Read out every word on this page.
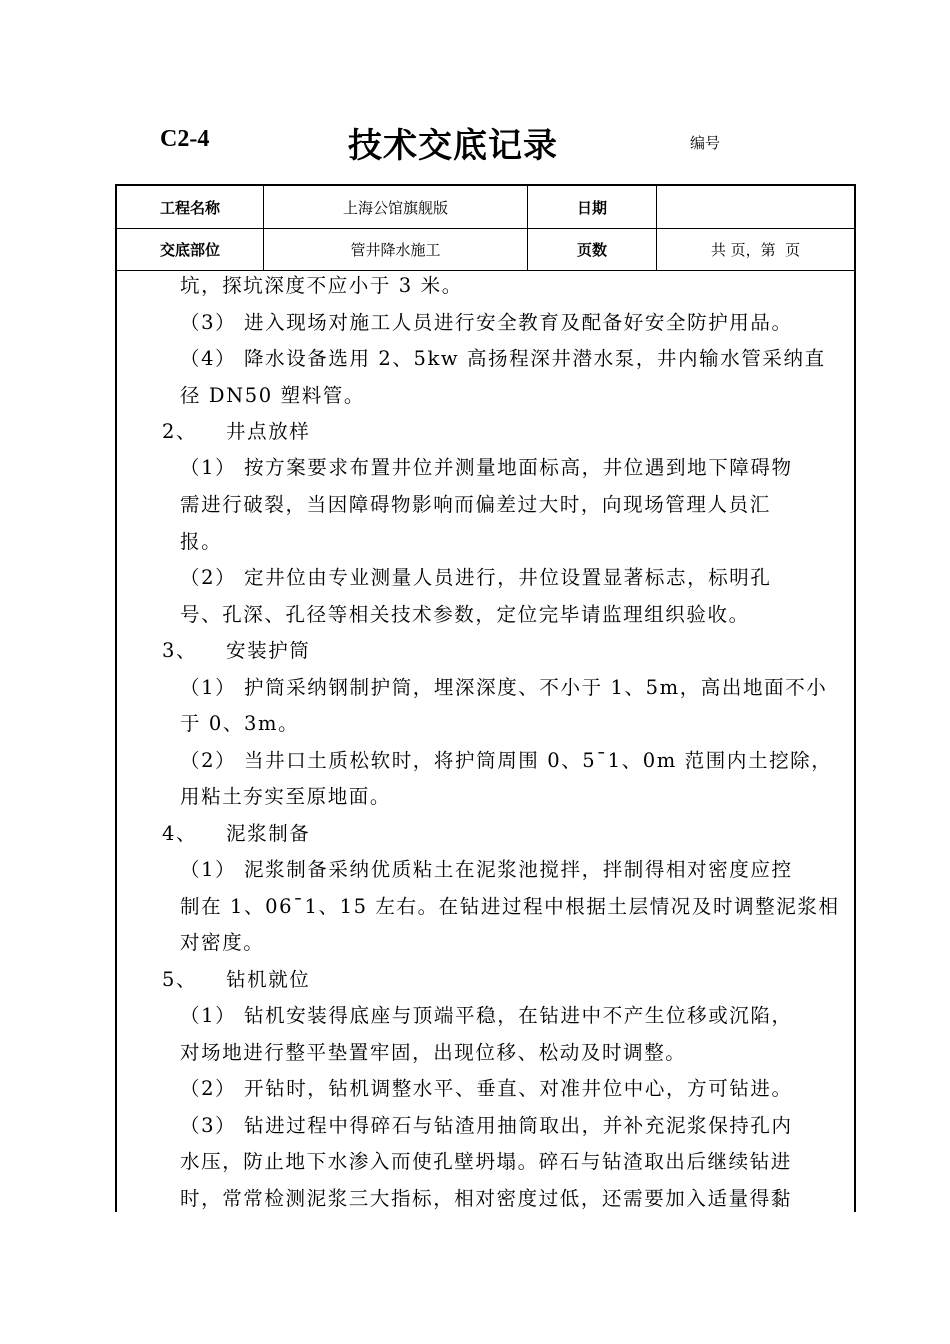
C2-4	技术交底记录	编号
工程名称	上海公馆旗舰版	日期
交底部位	管井降水施工	页数	共 页，第  页
坑，探坑深度不应小于 3 米。
（3） 进入现场对施工人员进行安全教育及配备好安全防护用品。
（4） 降水设备选用 2、5kw 高扬程深井潜水泵，井内输水管采纳直
径 DN50 塑料管。
2、 井点放样
（1） 按方案要求布置井位并测量地面标高，井位遇到地下障碍物
需进行破裂，当因障碍物影响而偏差过大时，向现场管理人员汇
报。
（2） 定井位由专业测量人员进行，井位设置显著标志，标明孔
号、孔深、孔径等相关技术参数，定位完毕请监理组织验收。
3、 安装护筒
（1） 护筒采纳钢制护筒，埋深深度、不小于 1、5m，高出地面不小
于 0、3m。
（2） 当井口土质松软时，将护筒周围 0、5¯1、0m 范围内土挖除，
用粘土夯实至原地面。
4、 泥浆制备
（1） 泥浆制备采纳优质粘土在泥浆池搅拌，拌制得相对密度应控
制在 1、06¯1、15 左右。在钻进过程中根据土层情况及时调整泥浆相
对密度。
5、 钻机就位
（1） 钻机安装得底座与顶端平稳，在钻进中不产生位移或沉陷，
对场地进行整平垫置牢固，出现位移、松动及时调整。
（2） 开钻时，钻机调整水平、垂直、对准井位中心，方可钻进。
（3） 钻进过程中得碎石与钻渣用抽筒取出，并补充泥浆保持孔内
水压，防止地下水渗入而使孔壁坍塌。碎石与钻渣取出后继续钻进
时，常常检测泥浆三大指标，相对密度过低，还需要加入适量得黏
